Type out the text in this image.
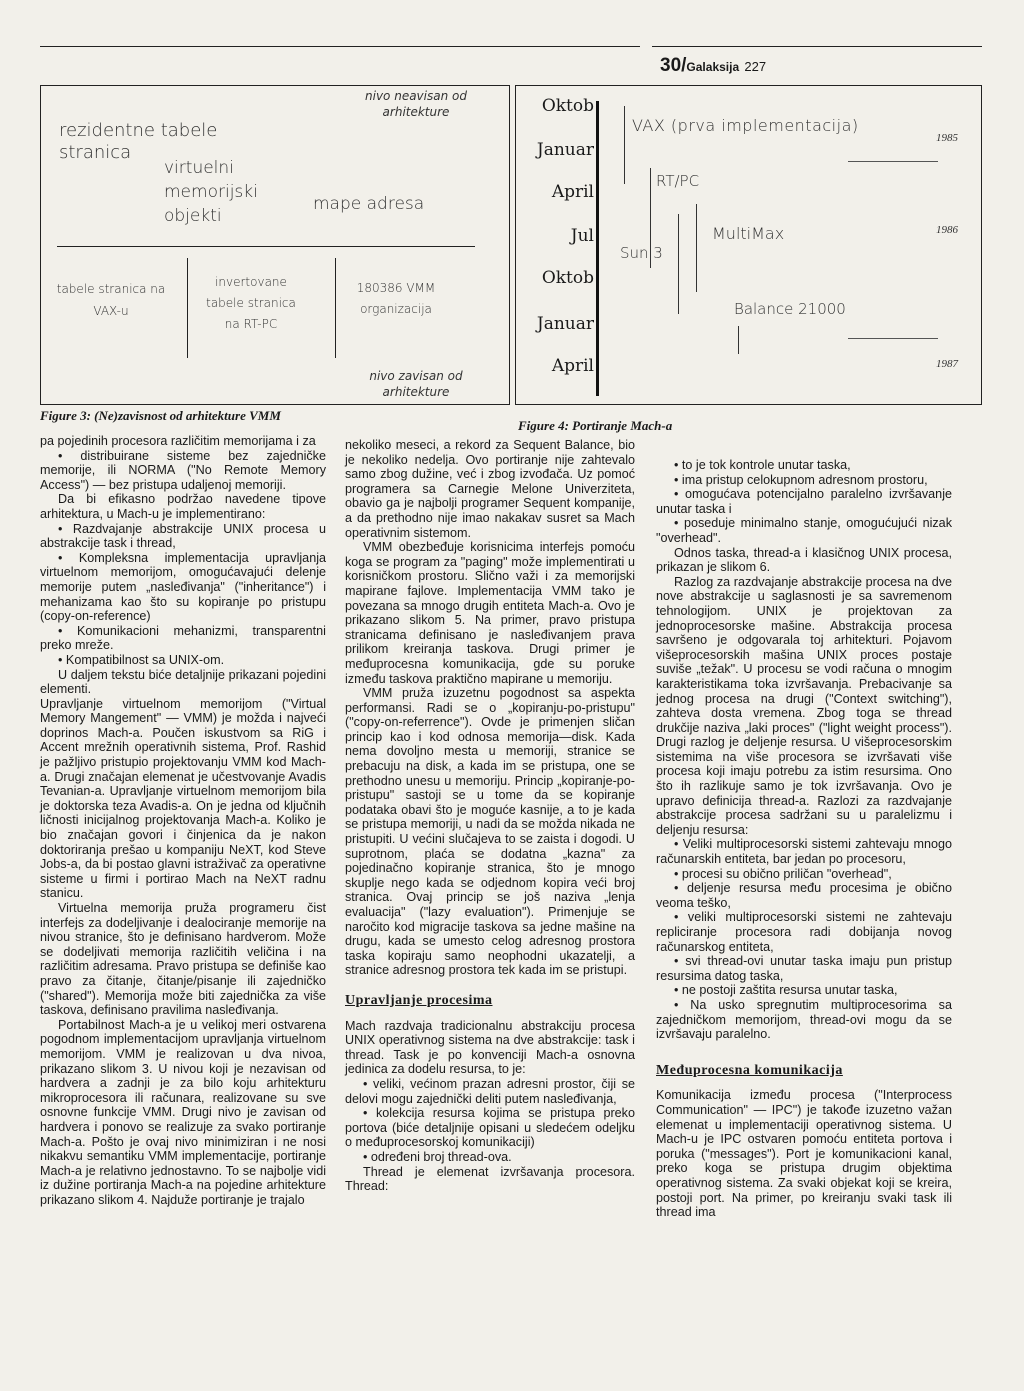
30/Galaksija 227
rezidentne tabele
stranica
nivo neavisan od arhitekture
virtuelni memorijski objekti
mape adresa
tabele stranica na VAX-u
invertovane tabele stranica na RT-PC
180386 VMM organizacija
nivo zavisan od arhitekture
Figure 3: (Ne)zavisnost od arhitekture VMM
Oktob
Januar
April
Jul
Oktob
Januar
April
VAX (prva implementacija)
1985
RT/PC
Sun 3
MultiMax	1986
Balance 21000
1987
Figure 4: Portiranje Mach-a

pa pojedinih procesora različitim memorijama i za

• distribuirane sisteme bez zajedničke memorije, ili NORMA ("No Remote Memory Access") — bez pristupa udaljenoj memoriji.

Da bi efikasno podržao navedene tipove arhitektura, u Mach-u je implementirano:

• Razdvajanje abstrakcije UNIX procesa u abstrakcije task i thread,

• Kompleksna implementacija upravljanja virtuelnom memorijom, omogućavajući delenje memorije putem „nasleđivanja" ("inheritance") i mehanizama kao što su kopiranje po pristupu (copy-on-reference)

• Komunikacioni mehanizmi, transparentni preko mreže.

• Kompatibilnost sa UNIX-om.

U daljem tekstu biće detaljnije prikazani pojedini elementi.

Upravljanje virtuelnom memorijom ("Virtual Memory Mangement" — VMM) je možda i najveći doprinos Mach-a. Poučen iskustvom sa RiG i Accent mrežnih operativnih sistema, Prof. Rashid je pažljivo pristupio projektovanju VMM kod Mach-a. Drugi značajan elemenat je učestvovanje Avadis Tevanian-a. Upravljanje virtuelnom memorijom bila je doktorska teza Avadis-a. On je jedna od ključnih ličnosti inicijalnog projektovanja Mach-a. Koliko je bio značajan govori i činjenica da je nakon doktoriranja prešao u kompaniju NeXT, kod Steve Jobs-a, da bi postao glavni istraživač za operativne sisteme u firmi i portirao Mach na NeXT radnu stanicu.

Virtuelna memorija pruža programeru čist interfejs za dodeljivanje i dealociranje memorije na nivou stranice, što je definisano hardverom. Može se dodeljivati memorija različitih veličina i na različitim adresama. Pravo pristupa se definiše kao pravo za čitanje, čitanje/pisanje ili zajedničko ("shared"). Memorija može biti zajednička za više taskova, definisano pravilima nasleđivanja.

Portabilnost Mach-a je u velikoj meri ostvarena pogodnom implementacijom upravljanja virtuelnom memorijom. VMM je realizovan u dva nivoa, prikazano slikom 3. U nivou koji je nezavisan od hardvera a zadnji je za bilo koju arhitekturu mikroprocesora ili računara, realizovane su sve osnovne funkcije VMM. Drugi nivo je zavisan od hardvera i ponovo se realizuje za svako portiranje Mach-a. Pošto je ovaj nivo minimiziran i ne nosi nikakvu semantiku VMM implementacije, portiranje Mach-a je relativno jednostavno. To se najbolje vidi iz dužine portiranja Mach-a na pojedine arhitekture prikazano slikom 4. Najduže portiranje je trajalo

nekoliko meseci, a rekord za Sequent Balance, bio je nekoliko nedelja. Ovo portiranje nije zahtevalo samo zbog dužine, već i zbog izvođača. Uz pomoć programera sa Carnegie Melone Univerziteta, obavio ga je najbolji programer Sequent kompanije, a da prethodno nije imao nakakav susret sa Mach operativnim sistemom.

VMM obezbeđuje korisnicima interfejs pomoću koga se program za "paging" može implementirati u korisničkom prostoru. Slično važi i za memorijski mapirane fajlove. Implementacija VMM tako je povezana sa mnogo drugih entiteta Mach-a. Ovo je prikazano slikom 5. Na primer, pravo pristupa stranicama definisano je nasleđivanjem prava prilikom kreiranja taskova. Drugi primer je međuprocesna komunikacija, gde su poruke između taskova praktično mapirane u memoriju.

VMM pruža izuzetnu pogodnost sa aspekta performansi. Radi se o „kopiranju-po-pristupu" ("copy-on-referrence"). Ovde je primenjen sličan princip kao i kod odnosa memorija—disk. Kada nema dovoljno mesta u memoriji, stranice se prebacuju na disk, a kada im se pristupa, one se prethodno unesu u memoriju. Princip „kopiranje-po-pristupu" sastoji se u tome da se kopiranje podataka obavi što je moguće kasnije, a to je kada se pristupa memoriji, u nadi da se možda nikada ne pristupiti. U većini slučajeva to se zaista i dogodi. U suprotnom, plaća se dodatna „kazna" za pojedinačno kopiranje stranica, što je mnogo skuplje nego kada se odjednom kopira veći broj stranica. Ovaj princip se još naziva „lenja evaluacija" ("lazy evaluation"). Primenjuje se naročito kod migracije taskova sa jedne mašine na drugu, kada se umesto celog adresnog prostora taska kopiraju samo neophodni ukazatelji, a stranice adresnog prostora tek kada im se pristupi.

Upravljanje procesima

Mach razdvaja tradicionalnu abstrakciju procesa UNIX operativnog sistema na dve abstrakcije: task i thread. Task je po konvenciji Mach-a osnovna jedinica za dodelu resursa, to je:

• veliki, većinom prazan adresni prostor, čiji se delovi mogu zajednički deliti putem nasleđivanja,

• kolekcija resursa kojima se pristupa preko portova (biće detaljnije opisani u sledećem odeljku o međuprocesorskoj komunikaciji)

• određeni broj thread-ova.

Thread je elemenat izvršavanja procesora. Thread:

• to je tok kontrole unutar taska,

• ima pristup celokupnom adresnom prostoru,

• omogućava potencijalno paralelno izvršavanje unutar taska i

• poseduje minimalno stanje, omogućujući nizak "overhead".

Odnos taska, thread-a i klasičnog UNIX procesa, prikazan je slikom 6.

Razlog za razdvajanje abstrakcije procesa na dve nove abstrakcije u saglasnosti je sa savremenom tehnologijom. UNIX je projektovan za jednoprocesorske mašine. Abstrakcija procesa savršeno je odgovarala toj arhitekturi. Pojavom višeprocesorskih mašina UNIX proces postaje suviše „težak". U procesu se vodi računa o mnogim karakteristikama toka izvršavanja. Prebacivanje sa jednog procesa na drugi ("Context switching"), zahteva dosta vremena. Zbog toga se thread drukčije naziva „laki proces" ("light weight process"). Drugi razlog je deljenje resursa. U višeprocesorskim sistemima na više procesora se izvršavati više procesa koji imaju potrebu za istim resursima. Ono što ih razlikuje samo je tok izvršavanja. Ovo je upravo definicija thread-a. Razlozi za razdvajanje abstrakcije procesa sadržani su u paralelizmu i deljenju resursa:

• Veliki multiprocesorski sistemi zahtevaju mnogo računarskih entiteta, bar jedan po procesoru,

• procesi su obično priličan "overhead",

• deljenje resursa među procesima je obično veoma teško,

• veliki multiprocesorski sistemi ne zahtevaju repliciranje procesora radi dobijanja novog računarskog entiteta,

• svi thread-ovi unutar taska imaju pun pristup resursima datog taska,

• ne postoji zaštita resursa unutar taska,

• Na usko spregnutim multiprocesorima sa zajedničkom memorijom, thread-ovi mogu da se izvršavaju paralelno.

Međuprocesna komunikacija

Komunikacija između procesa ("Interprocess Communication" — IPC") je takođe izuzetno važan elemenat u implementaciji operativnog sistema. U Mach-u je IPC ostvaren pomoću entiteta portova i poruka ("messages"). Port je komunikacioni kanal, preko koga se pristupa drugim objektima operativnog sistema. Za svaki objekat koji se kreira, postoji port. Na primer, po kreiranju svaki task ili thread ima
